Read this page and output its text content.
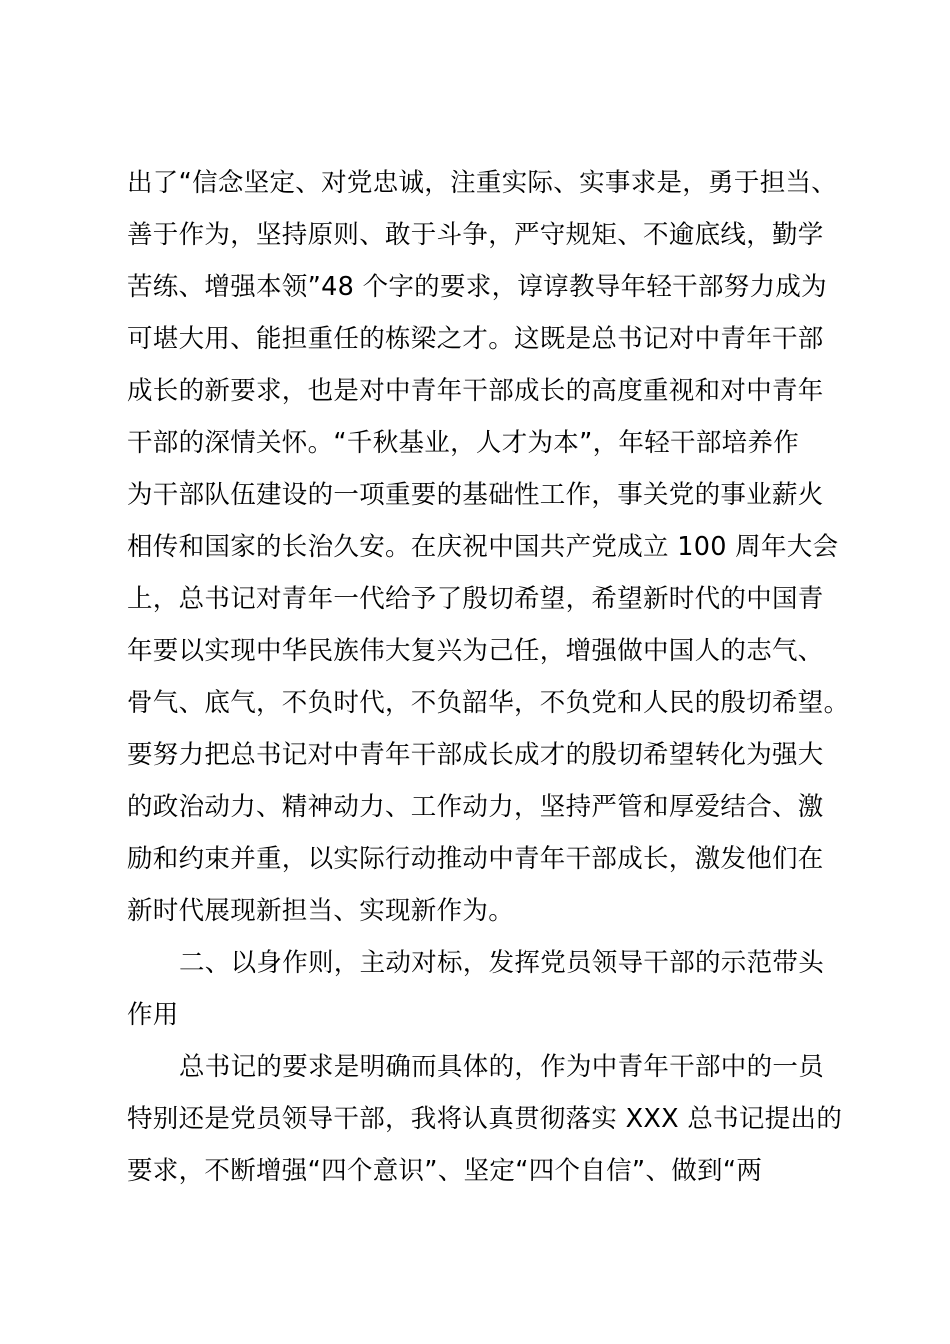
出了“信念坚定、对党忠诚，注重实际、实事求是，勇于担当、
善于作为，坚持原则、敢于斗争，严守规矩、不逾底线，勤学
苦练、增强本领”48 个字的要求，谆谆教导年轻干部努力成为
可堪大用、能担重任的栋梁之才。这既是总书记对中青年干部
成长的新要求，也是对中青年干部成长的高度重视和对中青年
干部的深情关怀。“千秋基业，人才为本”，年轻干部培养作
为干部队伍建设的一项重要的基础性工作，事关党的事业薪火
相传和国家的长治久安。在庆祝中国共产党成立 100 周年大会
上，总书记对青年一代给予了殷切希望，希望新时代的中国青
年要以实现中华民族伟大复兴为己任，增强做中国人的志气、
骨气、底气，不负时代，不负韶华，不负党和人民的殷切希望。
要努力把总书记对中青年干部成长成才的殷切希望转化为强大
的政治动力、精神动力、工作动力，坚持严管和厚爱结合、激
励和约束并重，以实际行动推动中青年干部成长，激发他们在
新时代展现新担当、实现新作为。
二、以身作则，主动对标，发挥党员领导干部的示范带头
作用
总书记的要求是明确而具体的，作为中青年干部中的一员
特别还是党员领导干部，我将认真贯彻落实 XXX 总书记提出的
要求，不断增强“四个意识”、坚定“四个自信”、做到“两
